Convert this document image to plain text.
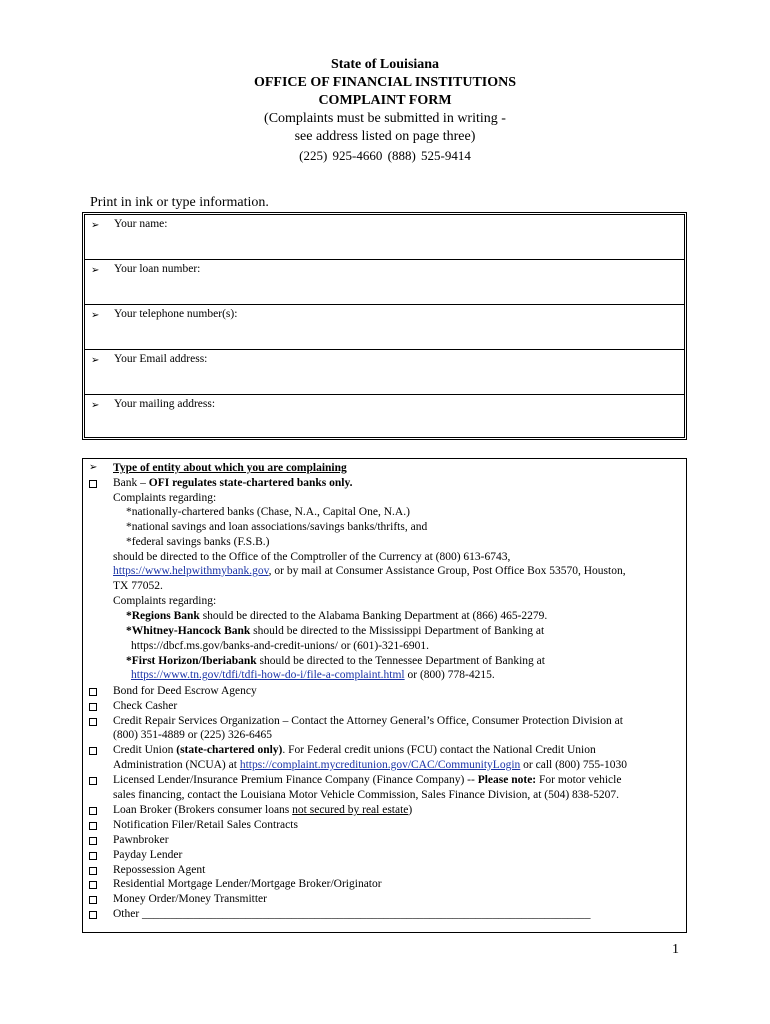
State of Louisiana
OFFICE OF FINANCIAL INSTITUTIONS
COMPLAINT FORM
(Complaints must be submitted in writing -
see address listed on page three)
(225) 925-4660 (888) 525-9414
Print in ink or type information.
➢ Your name:
➢ Your loan number:
➢ Your telephone number(s):
➢ Your Email address:
➢ Your mailing address:
➢ Type of entity about which you are complaining
Bank – OFI regulates state-chartered banks only.
Complaints regarding:
*nationally-chartered banks (Chase, N.A., Capital One, N.A.)
*national savings and loan associations/savings banks/thrifts, and
*federal savings banks (F.S.B.)
should be directed to the Office of the Comptroller of the Currency at (800) 613-6743,
https://www.helpwithmybank.gov, or by mail at Consumer Assistance Group, Post Office Box 53570, Houston,
TX 77052.
Complaints regarding:
*Regions Bank should be directed to the Alabama Banking Department at (866) 465-2279.
*Whitney-Hancock Bank should be directed to the Mississippi Department of Banking at
https://dbcf.ms.gov/banks-and-credit-unions/ or (601)-321-6901.
*First Horizon/Iberiabank should be directed to the Tennessee Department of Banking at
https://www.tn.gov/tdfi/tdfi-how-do-i/file-a-complaint.html or (800) 778-4215.
Bond for Deed Escrow Agency
Check Casher
Credit Repair Services Organization – Contact the Attorney General’s Office, Consumer Protection Division at
(800) 351-4889 or (225) 326-6465
Credit Union (state-chartered only). For Federal credit unions (FCU) contact the National Credit Union
Administration (NCUA) at https://complaint.mycreditunion.gov/CAC/CommunityLogin or call (800) 755-1030
Licensed Lender/Insurance Premium Finance Company (Finance Company) -- Please note: For motor vehicle
sales financing, contact the Louisiana Motor Vehicle Commission, Sales Finance Division, at (504) 838-5207.
Loan Broker (Brokers consumer loans not secured by real estate)
Notification Filer/Retail Sales Contracts
Pawnbroker
Payday Lender
Repossession Agent
Residential Mortgage Lender/Mortgage Broker/Originator
Money Order/Money Transmitter
Other ______________________________________________________________________________
1
